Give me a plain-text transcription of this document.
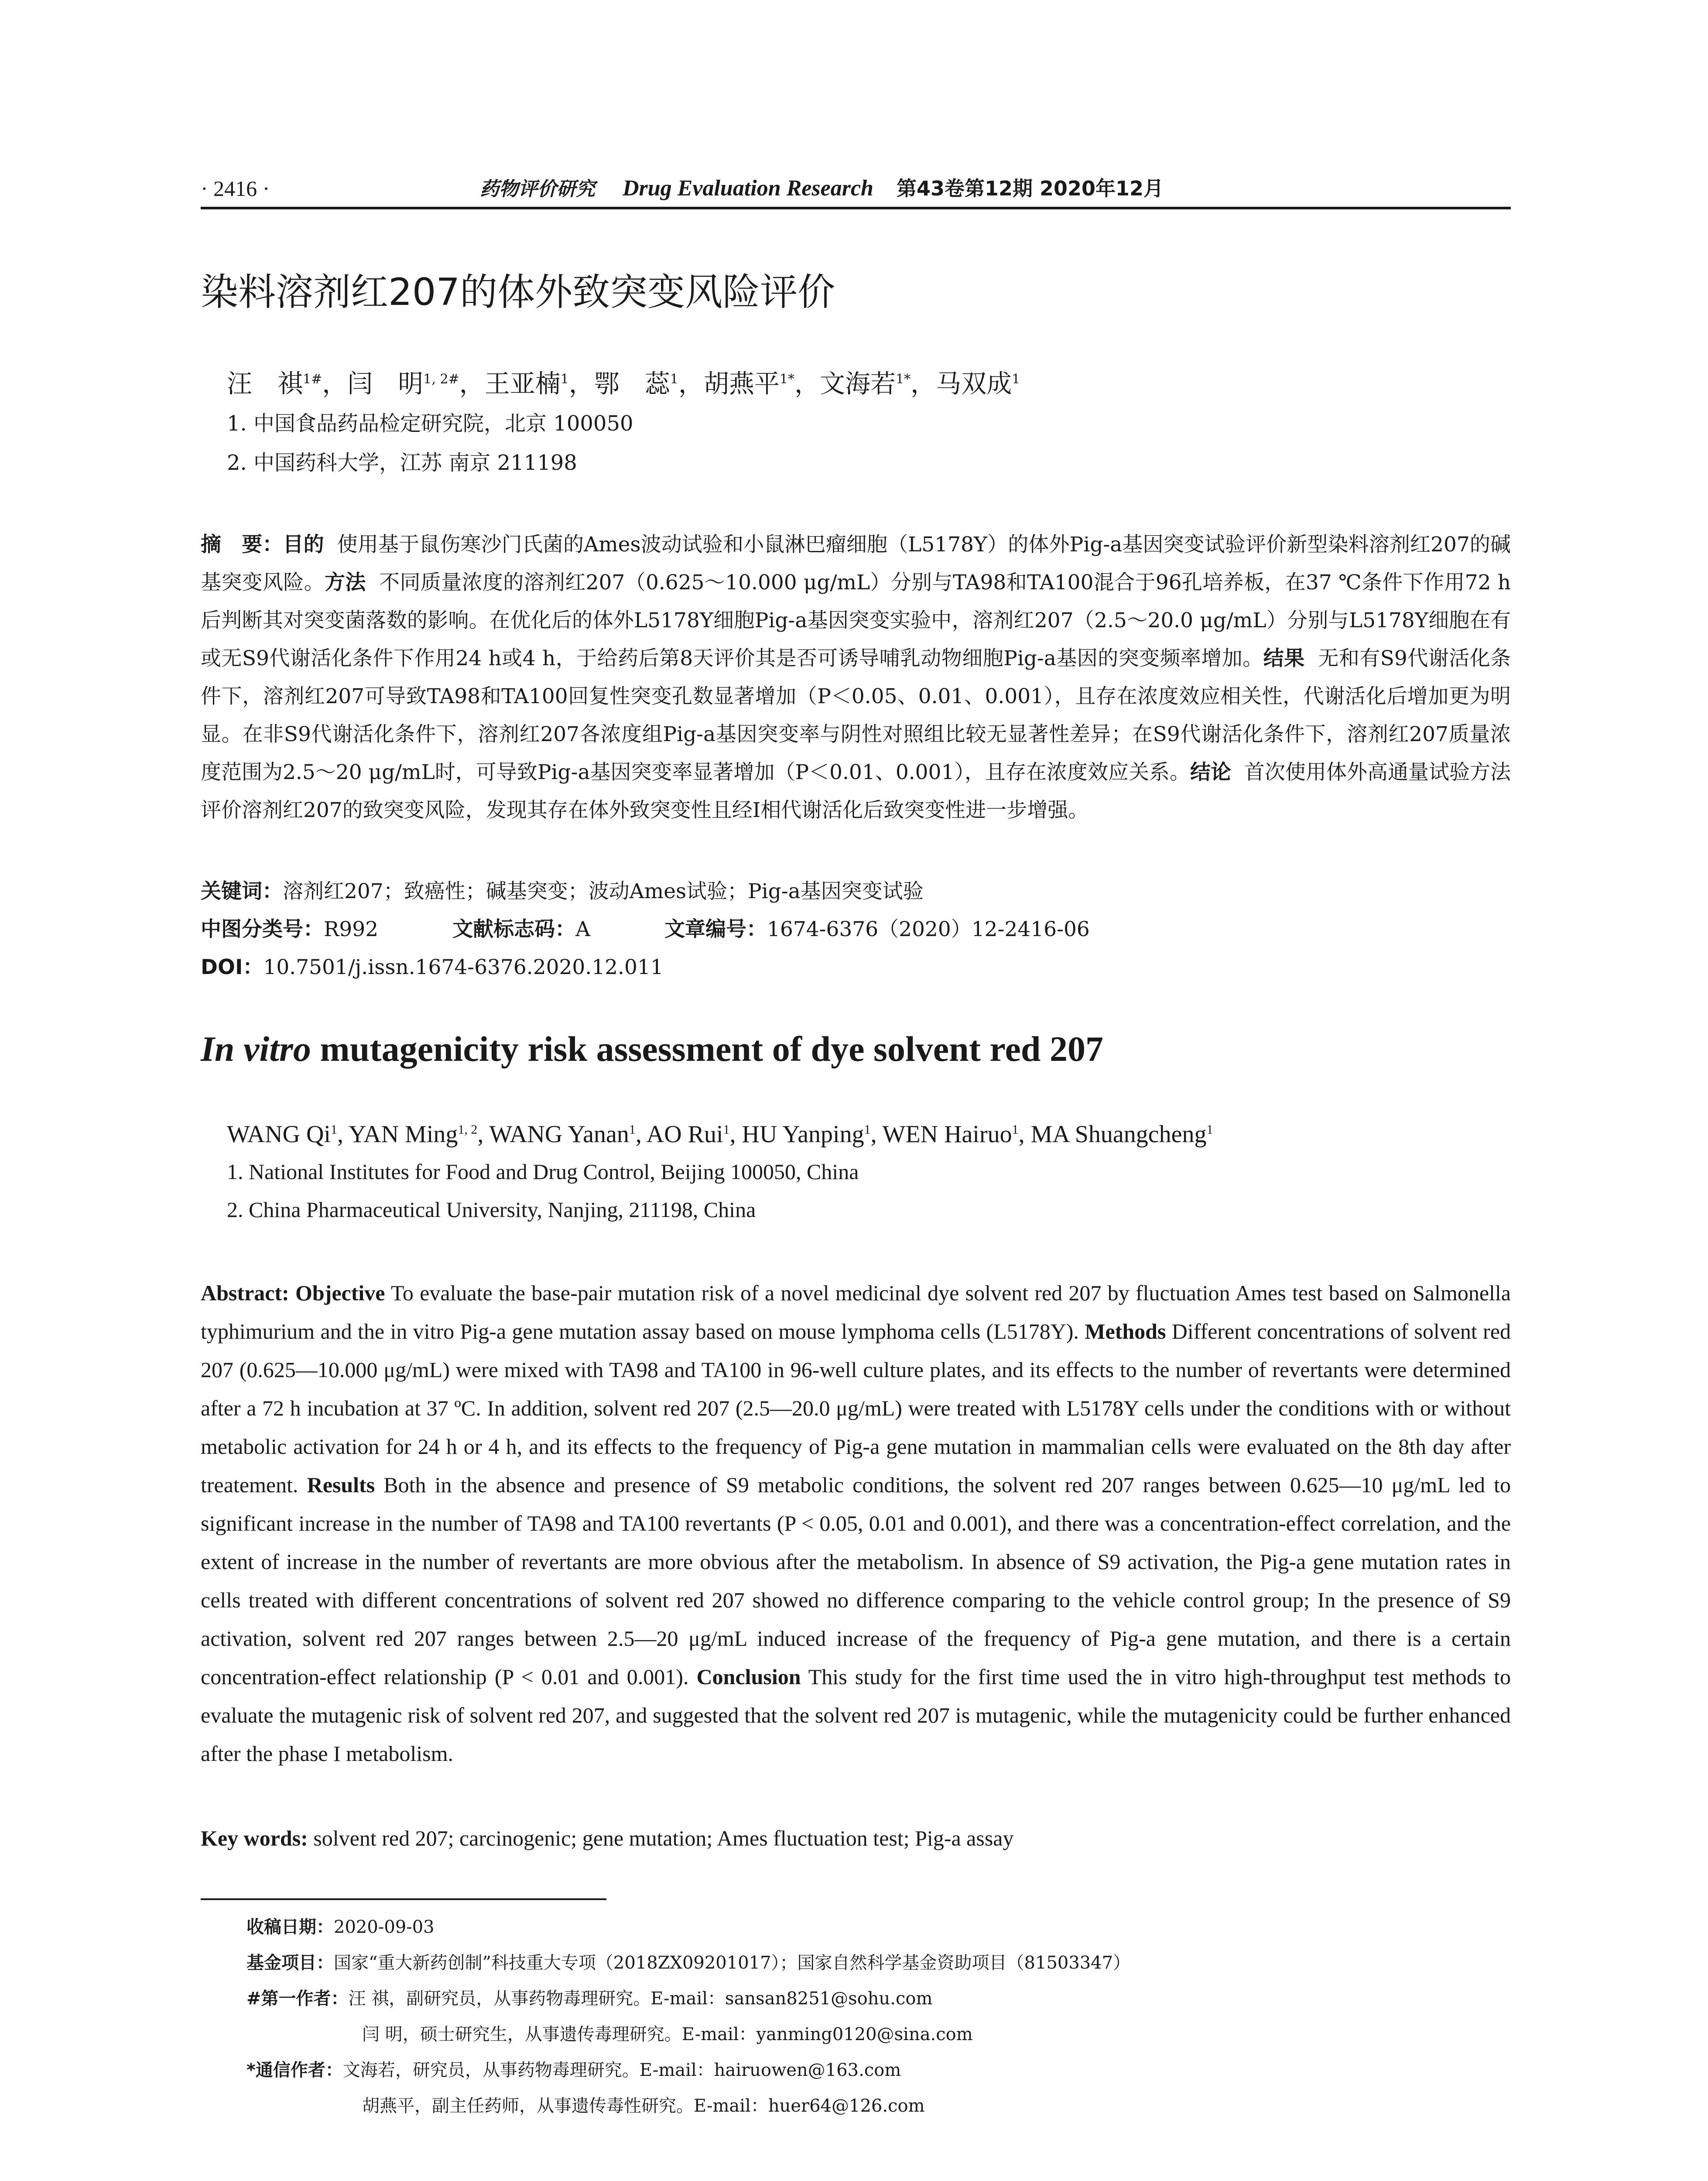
· 2416 ·	药物评价研究 Drug Evaluation Research 第43卷第12期 2020年12月
染料溶剂红207的体外致突变风险评价
汪　祺$^{1\#}$，闫　明$^{1, 2\#}$，王亚楠$^1$，鄂　蕊$^1$，胡燕平$^{1*}$，文海若$^{1*}$，马双成$^1$
1. 中国食品药品检定研究院，北京 100050
2. 中国药科大学，江苏 南京 211198
摘　要：目的 使用基于鼠伤寒沙门氏菌的Ames波动试验和小鼠淋巴瘤细胞（L5178Y）的体外Pig-a基因突变试验评价新型染料溶剂红207的碱基突变风险。方法 不同质量浓度的溶剂红207（0.625～10.000 μg/mL）分别与TA98和TA100混合于96孔培养板，在37 ℃条件下作用72 h后判断其对突变菌落数的影响。在优化后的体外L5178Y细胞Pig-a基因突变实验中，溶剂红207（2.5～20.0 μg/mL）分别与L5178Y细胞在有或无S9代谢活化条件下作用24 h或4 h，于给药后第8天评价其是否可诱导哺乳动物细胞Pig-a基因的突变频率增加。结果 无和有S9代谢活化条件下，溶剂红207可导致TA98和TA100回复性突变孔数显著增加（P＜0.05、0.01、0.001），且存在浓度效应相关性，代谢活化后增加更为明显。在非S9代谢活化条件下，溶剂红207各浓度组Pig-a基因突变率与阴性对照组比较无显著性差异；在S9代谢活化条件下，溶剂红207质量浓度范围为2.5～20 μg/mL时，可导致Pig-a基因突变率显著增加（P＜0.01、0.001），且存在浓度效应关系。结论 首次使用体外高通量试验方法评价溶剂红207的致突变风险，发现其存在体外致突变性且经I相代谢活化后致突变性进一步增强。
关键词：溶剂红207；致癌性；碱基突变；波动Ames试验；Pig-a基因突变试验
中图分类号：R992	文献标志码：A	文章编号：1674-6376（2020）12-2416-06
DOI：10.7501/j.issn.1674-6376.2020.12.011
In vitro mutagenicity risk assessment of dye solvent red 207
WANG Qi$^1$, YAN Ming$^{1, 2}$, WANG Yanan$^1$, AO Rui$^1$, HU Yanping$^1$, WEN Hairuo$^1$, MA Shuangcheng$^1$
1. National Institutes for Food and Drug Control, Beijing 100050, China
2. China Pharmaceutical University, Nanjing, 211198, China
Abstract: Objective To evaluate the base-pair mutation risk of a novel medicinal dye solvent red 207 by fluctuation Ames test based on Salmonella typhimurium and the in vitro Pig-a gene mutation assay based on mouse lymphoma cells (L5178Y). Methods Different concentrations of solvent red 207 (0.625—10.000 μg/mL) were mixed with TA98 and TA100 in 96-well culture plates, and its effects to the number of revertants were determined after a 72 h incubation at 37 ºC. In addition, solvent red 207 (2.5—20.0 μg/mL) were treated with L5178Y cells under the conditions with or without metabolic activation for 24 h or 4 h, and its effects to the frequency of Pig-a gene mutation in mammalian cells were evaluated on the 8th day after treatement. Results Both in the absence and presence of S9 metabolic conditions, the solvent red 207 ranges between 0.625—10 μg/mL led to significant increase in the number of TA98 and TA100 revertants (P < 0.05, 0.01 and 0.001), and there was a concentration-effect correlation, and the extent of increase in the number of revertants are more obvious after the metabolism. In absence of S9 activation, the Pig-a gene mutation rates in cells treated with different concentrations of solvent red 207 showed no difference comparing to the vehicle control group; In the presence of S9 activation, solvent red 207 ranges between 2.5—20 μg/mL induced increase of the frequency of Pig-a gene mutation, and there is a certain concentration-effect relationship (P < 0.01 and 0.001). Conclusion This study for the first time used the in vitro high-throughput test methods to evaluate the mutagenic risk of solvent red 207, and suggested that the solvent red 207 is mutagenic, while the mutagenicity could be further enhanced after the phase I metabolism.
Key words: solvent red 207; carcinogenic; gene mutation; Ames fluctuation test; Pig-a assay
收稿日期：2020-09-03
基金项目：国家“重大新药创制”科技重大专项（2018ZX09201017）；国家自然科学基金资助项目（81503347）
#第一作者：汪 祺，副研究员，从事药物毒理研究。E-mail：sansan8251@sohu.com
闫 明，硕士研究生，从事遗传毒理研究。E-mail：yanming0120@sina.com
*通信作者：文海若，研究员，从事药物毒理研究。E-mail：hairuowen@163.com
胡燕平，副主任药师，从事遗传毒性研究。E-mail：huer64@126.com
